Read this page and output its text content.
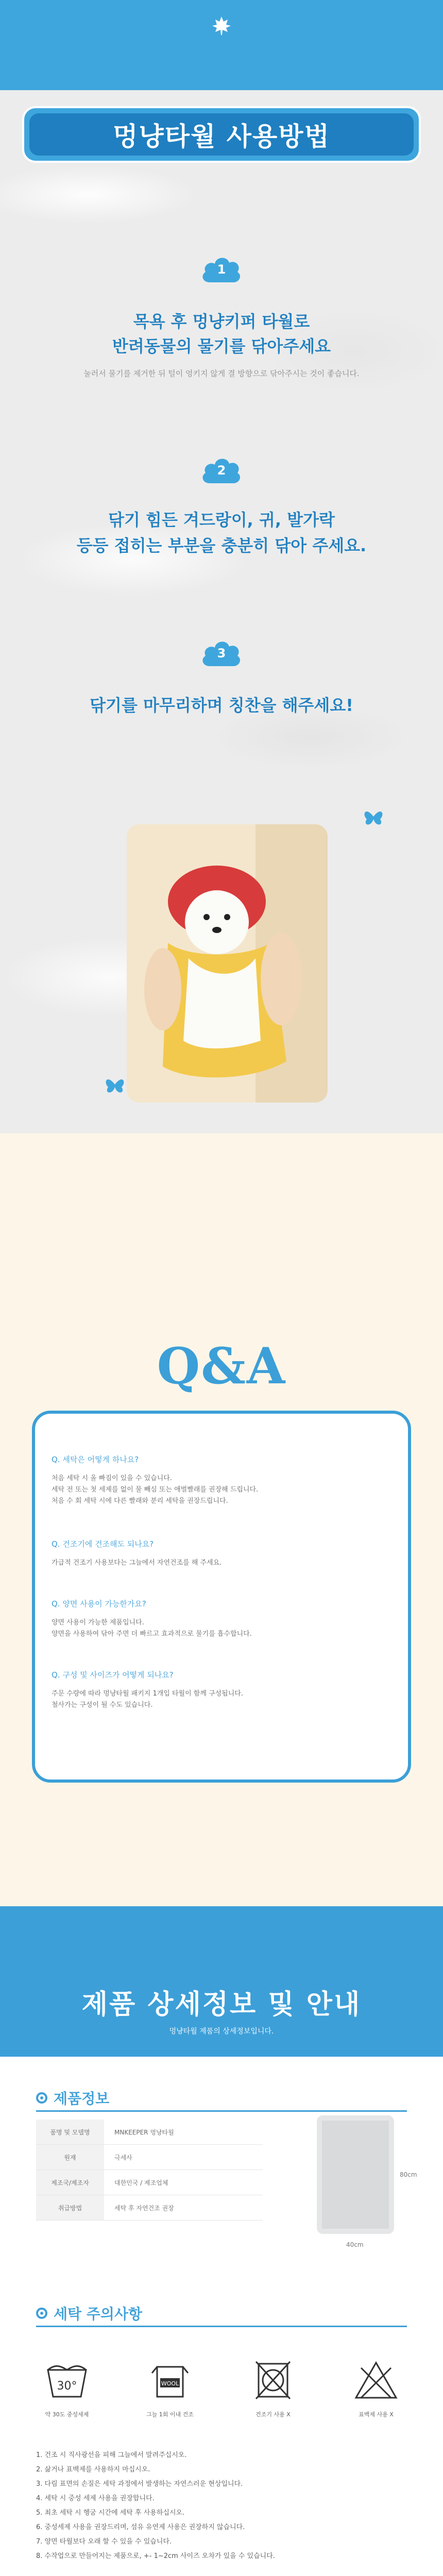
멍냥타월 사용방법
1
목욕 후 멍냥키퍼 타월로
반려동물의 물기를 닦아주세요
눌러서 물기를 제거한 뒤 털이 엉키지 않게 결 방향으로 닦아주시는 것이 좋습니다.
2
닦기 힘든 겨드랑이, 귀, 발가락
등등 접히는 부분을 충분히 닦아 주세요.
3
닦기를 마무리하며 칭찬을 해주세요!
Q&A
Q. 세탁은 어떻게 하나요?
처음 세탁 시 올 빠짐이 있을 수 있습니다.
세탁 전 또는 첫 세제를 없이 물 빼심 또는 애벌빨래를 권장해 드립니다.
처음 수 회 세탁 시에 다른 빨래와 분리 세탁을 권장드립니다.
Q. 건조기에 건조해도 되나요?
가급적 건조기 사용보다는 그늘에서 자연건조를 해 주세요.
Q. 양면 사용이 가능한가요?
양면 사용이 가능한 제품입니다.
양면을 사용하여 닦아 주면 더 빠르고 효과적으로 물기를 흡수합니다.
Q. 구성 및 사이즈가 어떻게 되나요?
주문 수량에 따라 멍냥타월 패키지 1개입 타월이 함께 구성됩니다.
철사가는 구성이 될 수도 있습니다.
제품 상세정보 및 안내
멍냥타월 제품의 상세정보입니다.
제품정보
품명 및 모델명	MNKEEPER 멍냥타월
원재	극세사
제조국/제조자	대한민국 / 제조업체
취급방법	세탁 후 자연건조 권장
80cm
40cm
세탁 주의사항
30°
약 30도 중성세제
WOOL
그늘 1회 이내 건조	건조기 사용 X	표백제 사용 X
1. 건조 시 직사광선을 피해 그늘에서 말려주십시오.
2. 삶거나 표백제를 사용하지 마십시오.
3. 다림 표면의 손질은 세탁 과정에서 발생하는 자연스러운 현상입니다.
4. 세탁 시 중성 세제 사용을 권장합니다.
5. 최초 세탁 시 헹굼 시간에 세탁 후 사용하십시오.
6. 중성세제 사용을 권장드리며, 섬유 유연제 사용은 권장하지 않습니다.
7. 양면 타월보다 오래 할 수 있을 수 있습니다.
8. 수작업으로 만들어지는 제품으로, +- 1~2cm 사이즈 오차가 있을 수 있습니다.
